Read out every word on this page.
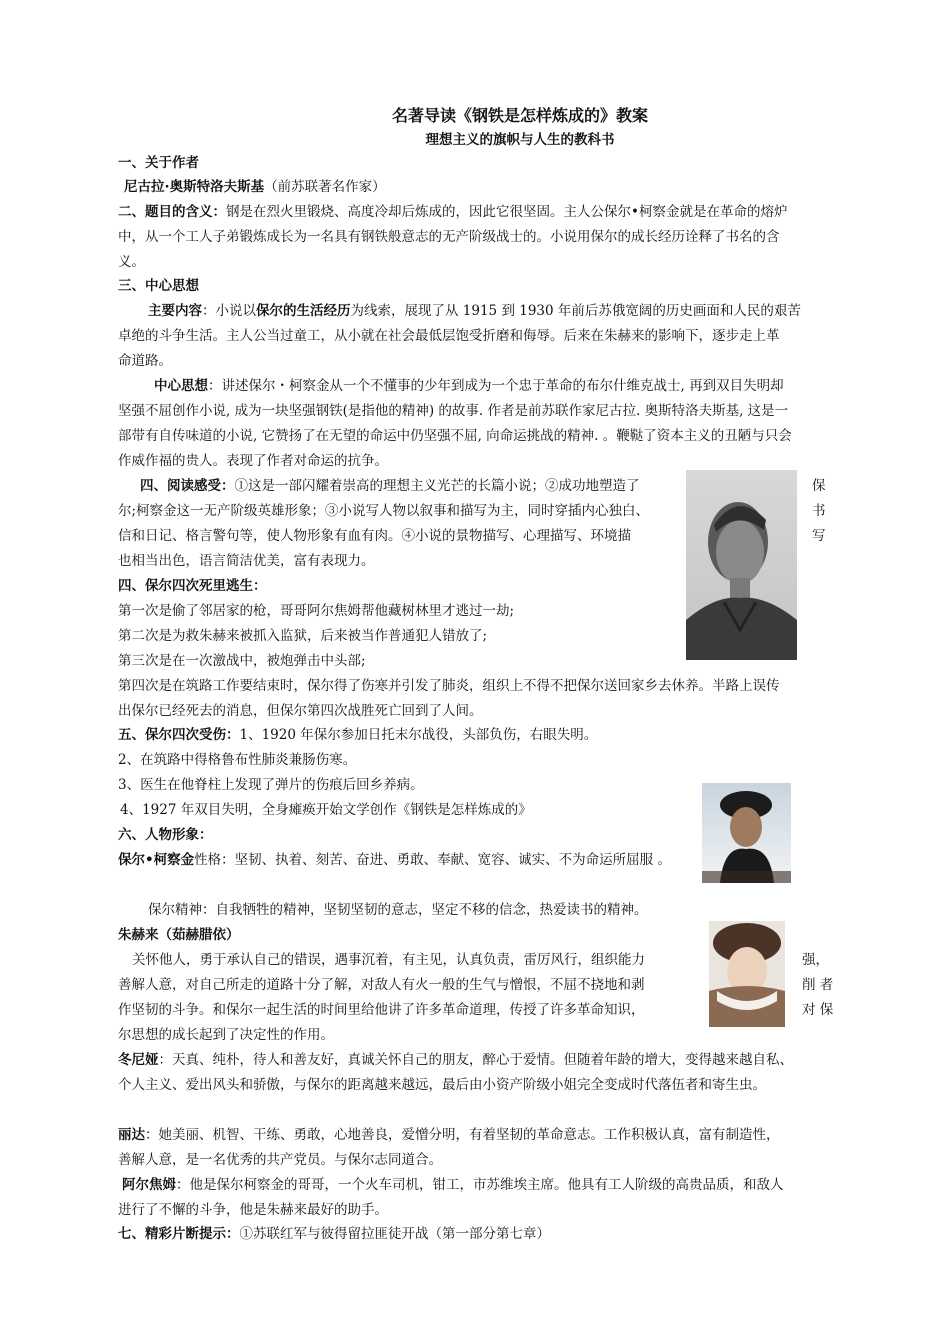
名著导读《钢铁是怎样炼成的》教案
理想主义的旗帜与人生的教科书
一、关于作者
尼古拉·奥斯特洛夫斯基（前苏联著名作家）
二、题目的含义：钢是在烈火里锻烧、高度冷却后炼成的，因此它很坚固。主人公保尔•柯察金就是在革命的熔炉
中，从一个工人子弟锻炼成长为一名具有钢铁般意志的无产阶级战士的。小说用保尔的成长经历诠释了书名的含
义。
三、中心思想
主要内容：小说以保尔的生活经历为线索，展现了从 1915 到 1930 年前后苏俄宽阔的历史画面和人民的艰苦
卓绝的斗争生活。主人公当过童工，从小就在社会最低层饱受折磨和侮辱。后来在朱赫来的影响下，逐步走上革
命道路。
中心思想：讲述保尔・柯察金从一个不懂事的少年到成为一个忠于革命的布尔什维克战士, 再到双目失明却
坚强不屈创作小说, 成为一块坚强钢铁(是指他的精神) 的故事. 作者是前苏联作家尼古拉. 奥斯特洛夫斯基, 这是一
部带有自传味道的小说, 它赞扬了在无望的命运中仍坚强不屈, 向命运挑战的精神. 。鞭鞑了资本主义的丑陋与只会
作威作福的贵人。表现了作者对命运的抗争。
四、阅读感受：①这是一部闪耀着崇高的理想主义光芒的长篇小说；②成功地塑造了	保
尔;柯察金这一无产阶级英雄形象；③小说写人物以叙事和描写为主，同时穿插内心独白、	书
信和日记、格言警句等，使人物形象有血有肉。④小说的景物描写、心理描写、环境描	写
也相当出色，语言简洁优美，富有表现力。
四、保尔四次死里逃生：
第一次是偷了邻居家的枪，哥哥阿尔焦姆帮他藏树林里才逃过一劫;
第二次是为救朱赫来被抓入监狱，后来被当作普通犯人错放了;
第三次是在一次激战中，被炮弹击中头部;
第四次是在筑路工作要结束时，保尔得了伤寒并引发了肺炎，组织上不得不把保尔送回家乡去休养。半路上误传
出保尔已经死去的消息，但保尔第四次战胜死亡回到了人间。
五、保尔四次受伤：1、1920 年保尔参加日托末尔战役，头部负伤，右眼失明。
2、在筑路中得格鲁布性肺炎兼肠伤寒。
3、医生在他脊柱上发现了弹片的伤痕后回乡养病。
4、1927 年双目失明，全身瘫痪开始文学创作《钢铁是怎样炼成的》
六、人物形象：
保尔•柯察金性格：坚韧、执着、刻苦、奋进、勇敢、奉献、宽容、诚实、不为命运所屈服 。
保尔精神：自我牺牲的精神，坚韧坚韧的意志，坚定不移的信念，热爱读书的精神。
朱赫来（茹赫腊依）
关怀他人，勇于承认自己的错误，遇事沉着，有主见，认真负责，雷厉风行，组织能力	强，
善解人意，对自己所走的道路十分了解，对敌人有火一般的生气与憎恨，不屈不挠地和剥	削 者
作坚韧的斗争。和保尔一起生活的时间里给他讲了许多革命道理，传授了许多革命知识，	对 保
尔思想的成长起到了决定性的作用。
冬尼娅：天真、纯朴，待人和善友好，真诚关怀自己的朋友，醉心于爱情。但随着年龄的增大，变得越来越自私、
个人主义、爱出风头和骄傲，与保尔的距离越来越远，最后由小资产阶级小姐完全变成时代落伍者和寄生虫。
丽达：她美丽、机智、干练、勇敢，心地善良，爱憎分明，有着坚韧的革命意志。工作积极认真，富有制造性，
善解人意，是一名优秀的共产党员。与保尔志同道合。
阿尔焦姆：他是保尔柯察金的哥哥，一个火车司机，钳工，市苏维埃主席。他具有工人阶级的高贵品质，和敌人
进行了不懈的斗争，他是朱赫来最好的助手。
七、精彩片断提示：①苏联红军与彼得留拉匪徒开战（第一部分第七章）
